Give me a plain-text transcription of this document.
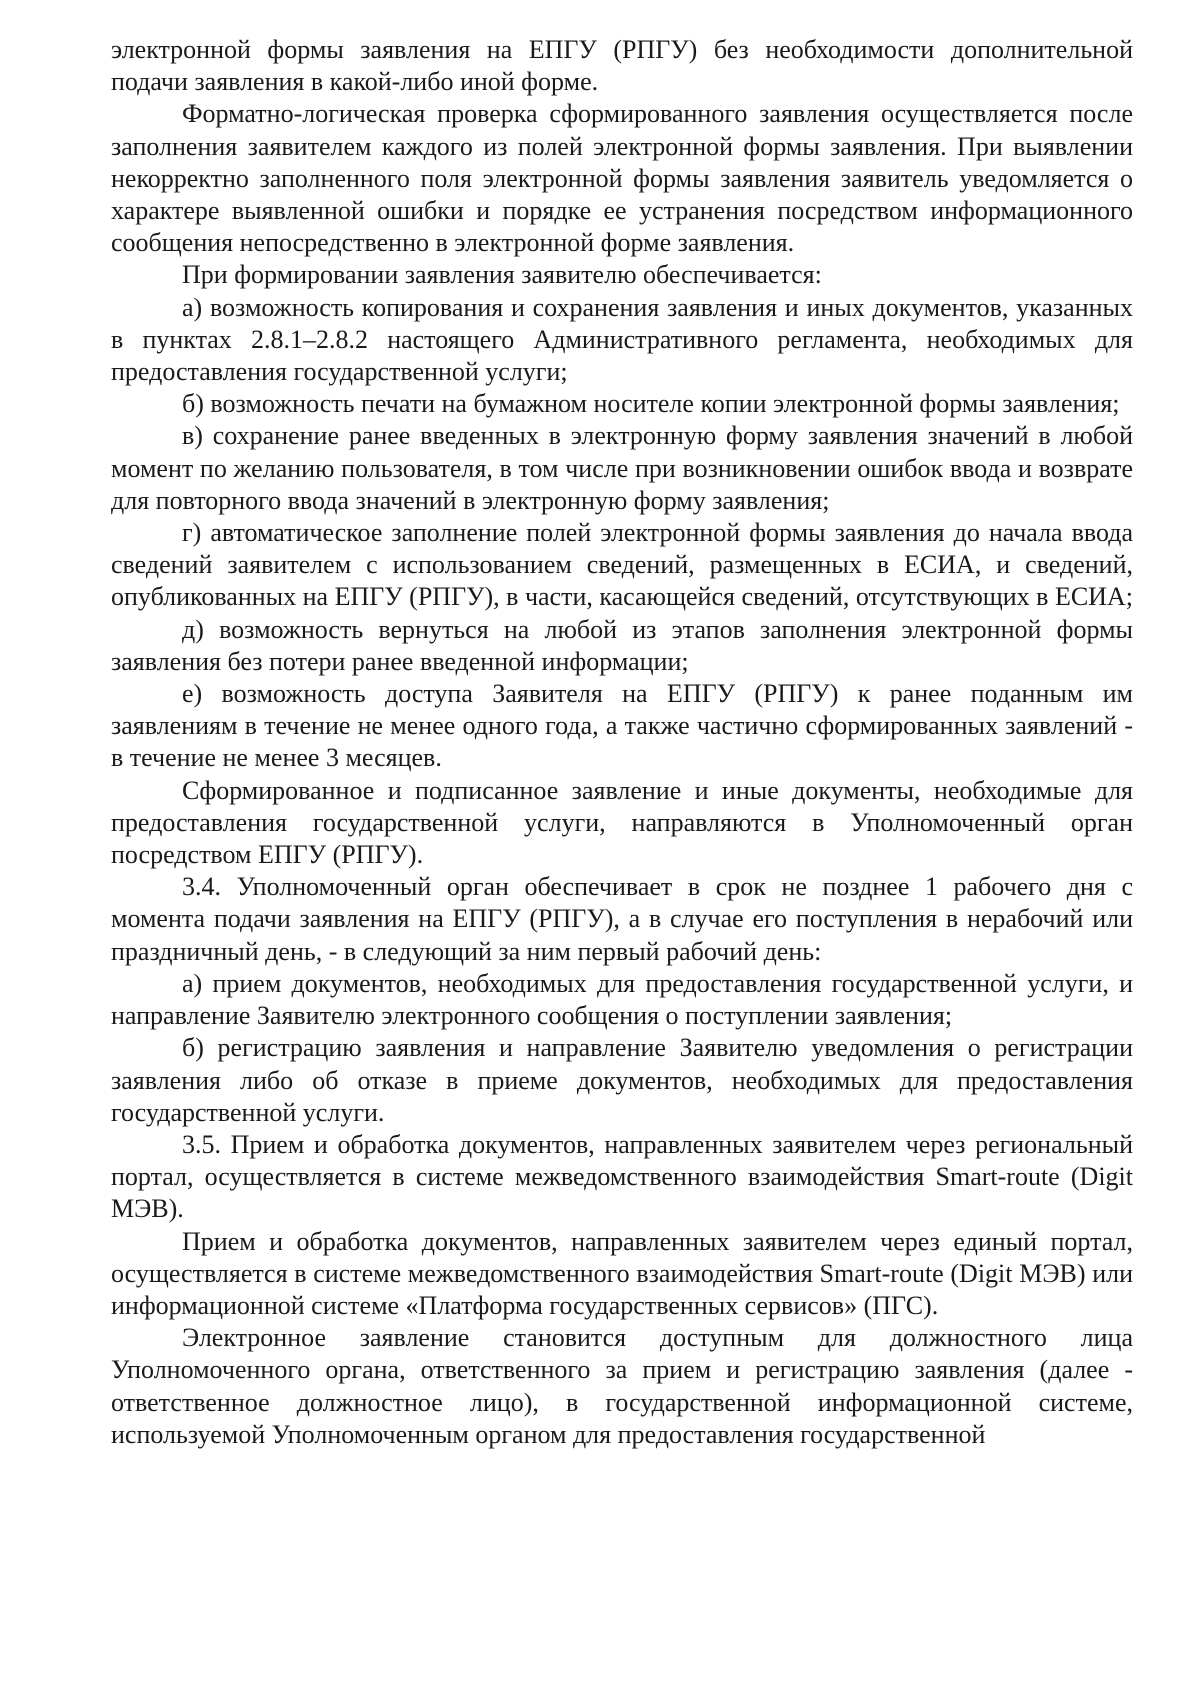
электронной формы заявления на ЕПГУ (РПГУ) без необходимости дополнительной подачи заявления в какой-либо иной форме.

Форматно-логическая проверка сформированного заявления осуществляется после заполнения заявителем каждого из полей электронной формы заявления. При выявлении некорректно заполненного поля электронной формы заявления заявитель уведомляется о характере выявленной ошибки и порядке ее устранения посредством информационного сообщения непосредственно в электронной форме заявления.

При формировании заявления заявителю обеспечивается:

а) возможность копирования и сохранения заявления и иных документов, указанных в пунктах 2.8.1–2.8.2 настоящего Административного регламента, необходимых для предоставления государственной услуги;

б) возможность печати на бумажном носителе копии электронной формы заявления;

в) сохранение ранее введенных в электронную форму заявления значений в любой момент по желанию пользователя, в том числе при возникновении ошибок ввода и возврате для повторного ввода значений в электронную форму заявления;

г) автоматическое заполнение полей электронной формы заявления до начала ввода сведений заявителем с использованием сведений, размещенных в ЕСИА, и сведений, опубликованных на ЕПГУ (РПГУ), в части, касающейся сведений, отсутствующих в ЕСИА;

д) возможность вернуться на любой из этапов заполнения электронной формы заявления без потери ранее введенной информации;

е) возможность доступа Заявителя на ЕПГУ (РПГУ) к ранее поданным им заявлениям в течение не менее одного года, а также частично сформированных заявлений - в течение не менее 3 месяцев.

Сформированное и подписанное заявление и иные документы, необходимые для предоставления государственной услуги, направляются в Уполномоченный орган посредством ЕПГУ (РПГУ).

3.4. Уполномоченный орган обеспечивает в срок не позднее 1 рабочего дня с момента подачи заявления на ЕПГУ (РПГУ), а в случае его поступления в нерабочий или праздничный день, - в следующий за ним первый рабочий день:

а) прием документов, необходимых для предоставления государственной услуги, и направление Заявителю электронного сообщения о поступлении заявления;

б) регистрацию заявления и направление Заявителю уведомления о регистрации заявления либо об отказе в приеме документов, необходимых для предоставления государственной услуги.

3.5. Прием и обработка документов, направленных заявителем через региональный портал, осуществляется в системе межведомственного взаимодействия Smart-route (Digit МЭВ).

Прием и обработка документов, направленных заявителем через единый портал, осуществляется в системе межведомственного взаимодействия Smart-route (Digit МЭВ) или информационной системе «Платформа государственных сервисов» (ПГС).

Электронное заявление становится доступным для должностного лица Уполномоченного органа, ответственного за прием и регистрацию заявления (далее - ответственное должностное лицо), в государственной информационной системе, используемой Уполномоченным органом для предоставления государственной
